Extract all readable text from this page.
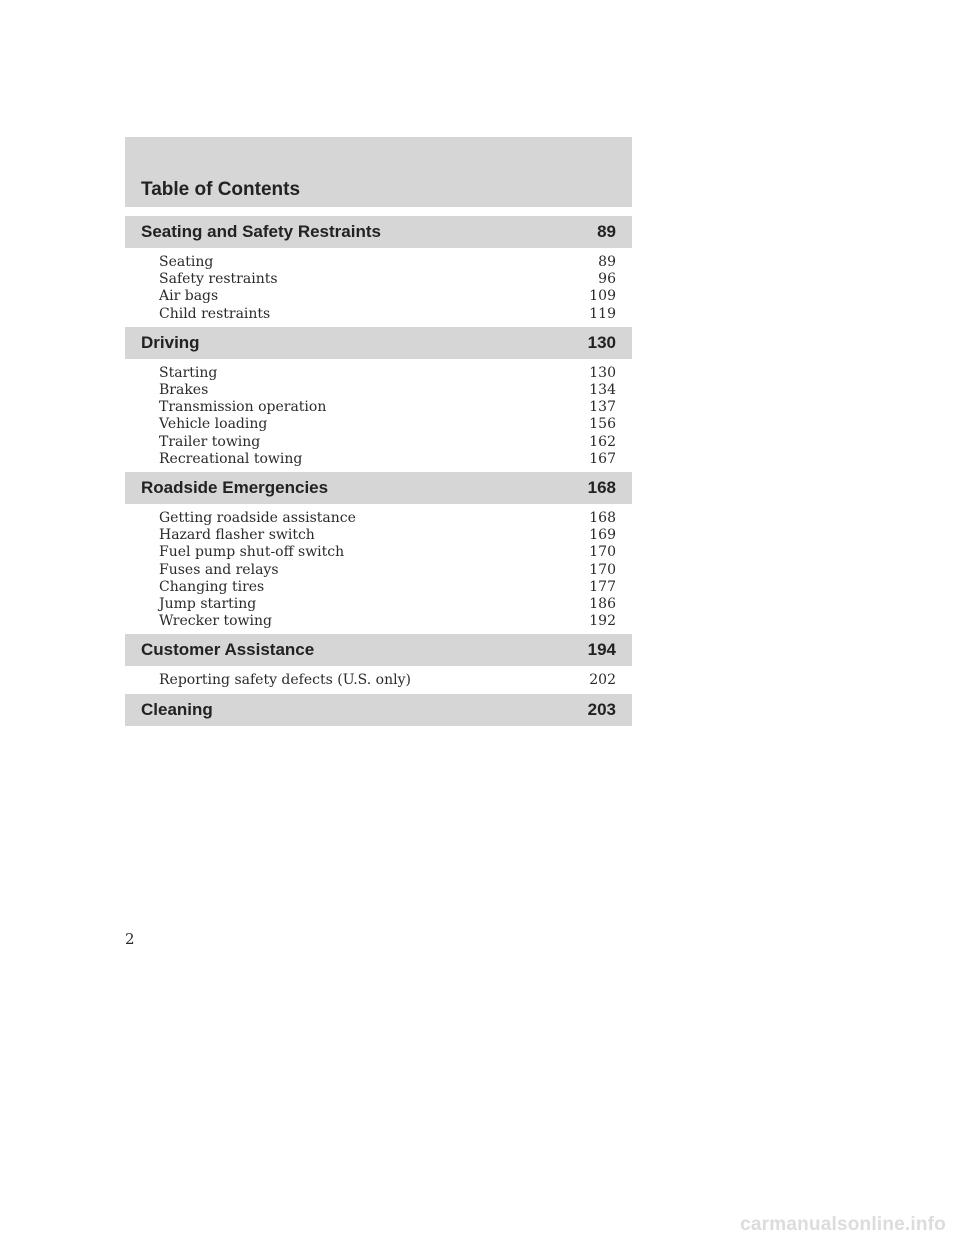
Table of Contents
Seating and Safety Restraints	89
Seating	89
Safety restraints	96
Air bags	109
Child restraints	119
Driving	130
Starting	130
Brakes	134
Transmission operation	137
Vehicle loading	156
Trailer towing	162
Recreational towing	167
Roadside Emergencies	168
Getting roadside assistance	168
Hazard flasher switch	169
Fuel pump shut-off switch	170
Fuses and relays	170
Changing tires	177
Jump starting	186
Wrecker towing	192
Customer Assistance	194
Reporting safety defects (U.S. only)	202
Cleaning	203
2
carmanualsonline.info
